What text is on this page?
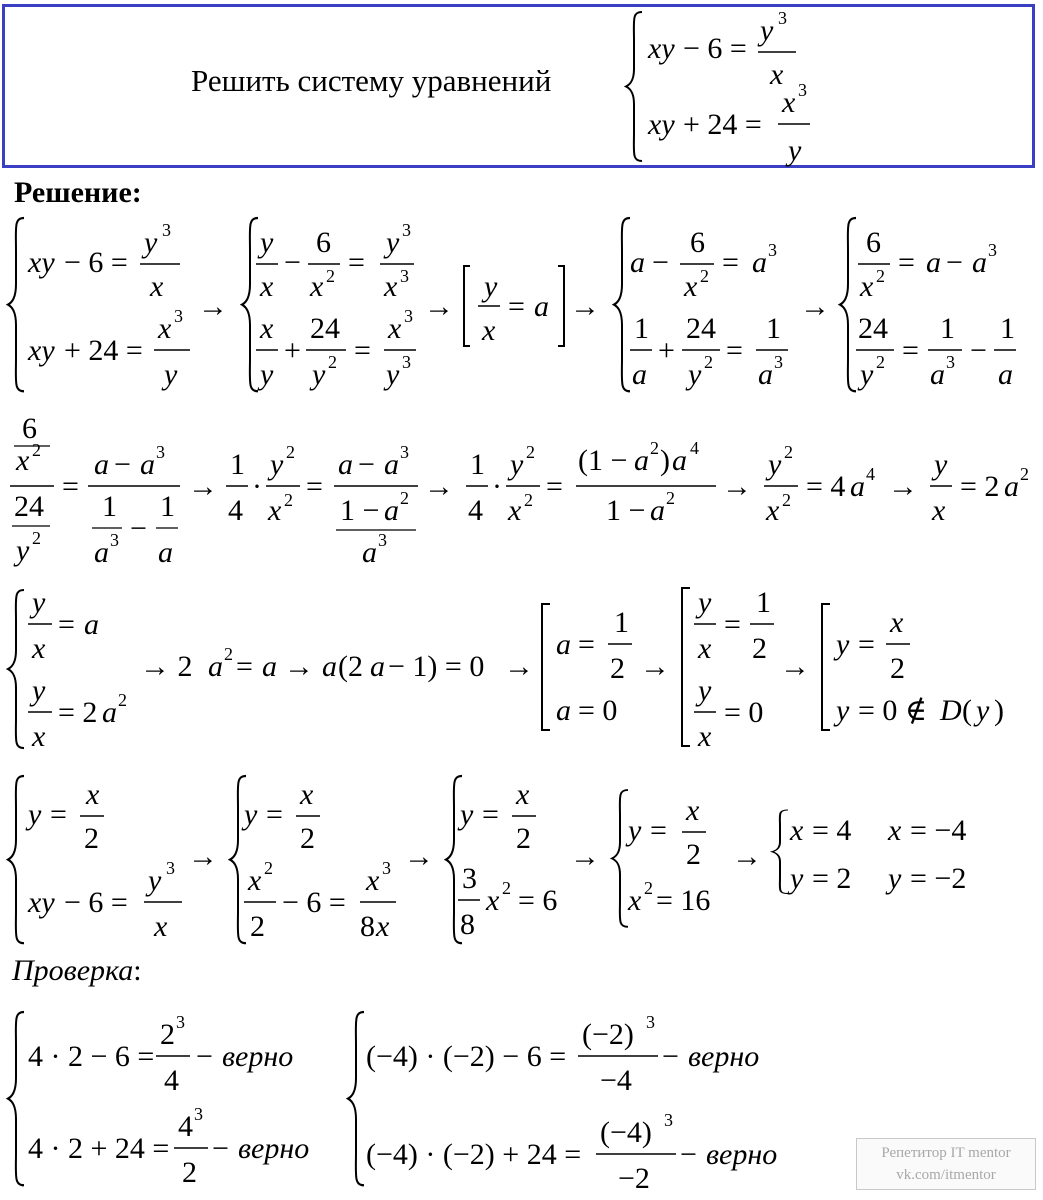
Решить систему уравнений
Решение:
Проверка:
xy − 6 =
y 3
x
xy + 24 =
x 3
y
xy − 6 =
y 3
x
xy + 24 =
x 3
y
→
y
x
−
6
x 2 =
y 3
x 3
x
y
+
24
y 2 =
x 3
y 3
→
y
x
= a →
a −
6
x 2 = a 3
1
a
+
24
y 2 =
1
a 3
→
6
x 2 = a − a 3
24
y 2 =
1
a 3 −
1
a
6
x 2
24
y 2
=
a − a 3
1
a 3 −
1
a
→
1
4
·
y 2
x 2 =
a − a 3
1 − a 2
a 3
→
1
4
·
y 2
x 2 =
(1 − a 2 ) a 4
1 − a 2 →
y 2
x 2 = 4 a 4 →
y
x
= 2 a 2
y
x
= a
y
x
= 2 a 2
→ 2 a 2 = a → a (2 a − 1) = 0 →
a =
1
2
a = 0
→
y
x
=
1
2
y
x
= 0
→
y =
x
2
y = 0 ∉ D ( y )
y =
x
2
xy − 6 =
y 3
x
→
y =
x
2
x 2
2
− 6 =
x 3
8 x
→
y =
x
2
3
8
x 2 = 6
→
y =
x
2
x 2 = 16
→
x = 4 x = −4
y = 2 y = −2
4 · 2 − 6 =
2 3
4
− верно
4 · 2 + 24 =
4 3
2
− верно
(−4) · (−2) − 6 =
(−2) 3
−4
− верно
(−4) · (−2) + 24 =
(−4) 3
−2
− верно	Репетитор IT mentor
vk.com/itmentor
